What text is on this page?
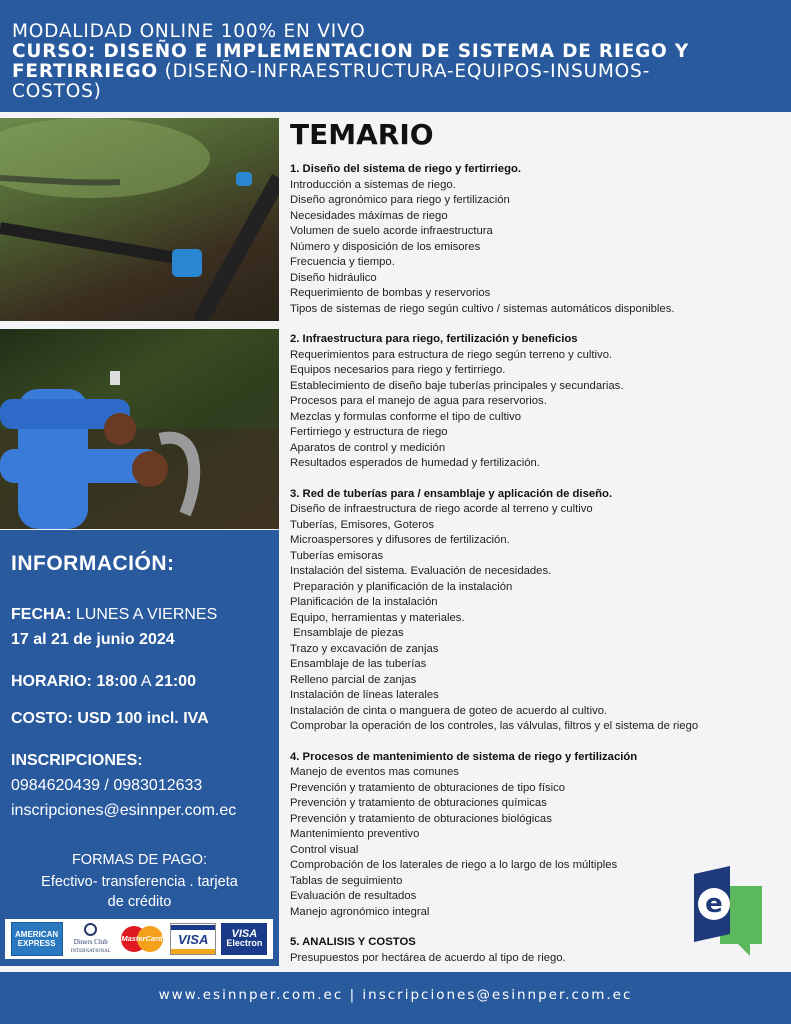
MODALIDAD ONLINE 100% EN VIVO
CURSO: DISEÑO E IMPLEMENTACION DE SISTEMA DE RIEGO Y
FERTIRRIEGO (DISEÑO-INFRAESTRUCTURA-EQUIPOS-INSUMOS-
COSTOS)
INFORMACIÓN:
FECHA: LUNES A VIERNES
17 al 21 de junio 2024
HORARIO: 18:00 A 21:00
COSTO: USD 100 incl. IVA
INSCRIPCIONES:
0984620439 / 0983012633
inscripciones@esinnper.com.ec
FORMAS DE PAGO:
Efectivo- transferencia . tarjeta
de crédito
AMERICAN
EXPRESS	Diners Club
INTERNATIONAL
MasterCard VISA VISA
Electron
TEMARIO
1. Diseño del sistema de riego y fertirriego.
Introducción a sistemas de riego.
Diseño agronómico para riego y fertilización
Necesidades máximas de riego
Volumen de suelo acorde infraestructura
Número y disposición de los emisores
Frecuencia y tiempo.
Diseño hidráulico
Requerimiento de bombas y reservorios
Tipos de sistemas de riego según cultivo / sistemas automáticos disponibles.
2. Infraestructura para riego, fertilización y beneficios
Requerimientos para estructura de riego según terreno y cultivo.
Equipos necesarios para riego y fertirriego.
Establecimiento de diseño baje tuberías principales y secundarias.
Procesos para el manejo de agua para reservorios.
Mezclas y formulas conforme el tipo de cultivo
Fertirriego y estructura de riego
Aparatos de control y medición
Resultados esperados de humedad y fertilización.
3. Red de tuberías para / ensamblaje y aplicación de diseño.
Diseño de infraestructura de riego acorde al terreno y cultivo
Tuberías, Emisores, Goteros
Microaspersores y difusores de fertilización.
Tuberías emisoras
Instalación del sistema. Evaluación de necesidades.
Preparación y planificación de la instalación
Planificación de la instalación
Equipo, herramientas y materiales.
Ensamblaje de piezas
Trazo y excavación de zanjas
Ensamblaje de las tuberías
Relleno parcial de zanjas
Instalación de líneas laterales
Instalación de cinta o manguera de goteo de acuerdo al cultivo.
Comprobar la operación de los controles, las válvulas, filtros y el sistema de riego
4. Procesos de mantenimiento de sistema de riego y fertilización
Manejo de eventos mas comunes
Prevención y tratamiento de obturaciones de tipo físico
Prevención y tratamiento de obturaciones químicas
Prevención y tratamiento de obturaciones biológicas
Mantenimiento preventivo
Control visual
Comprobación de los laterales de riego a lo largo de los múltiples
Tablas de seguimiento
Evaluación de resultados
Manejo agronómico integral
5. ANALISIS Y COSTOS
Presupuestos por hectárea de acuerdo al tipo de riego.
e
www.esinnper.com.ec | inscripciones@esinnper.com.ec
